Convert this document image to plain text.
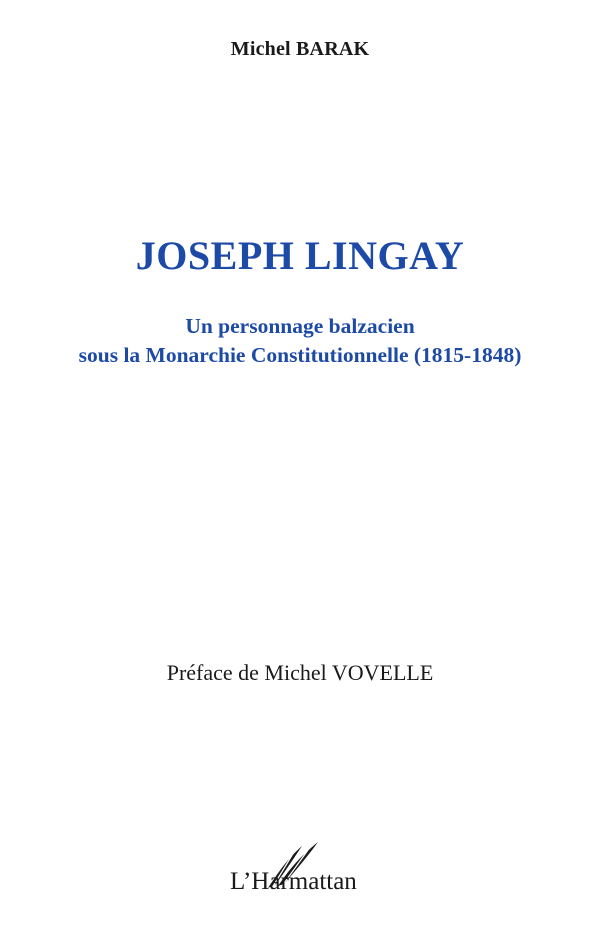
Michel BARAK
JOSEPH LINGAY
Un personnage balzacien
sous la Monarchie Constitutionnelle (1815-1848)
Préface de Michel VOVELLE
L’Harmattan
